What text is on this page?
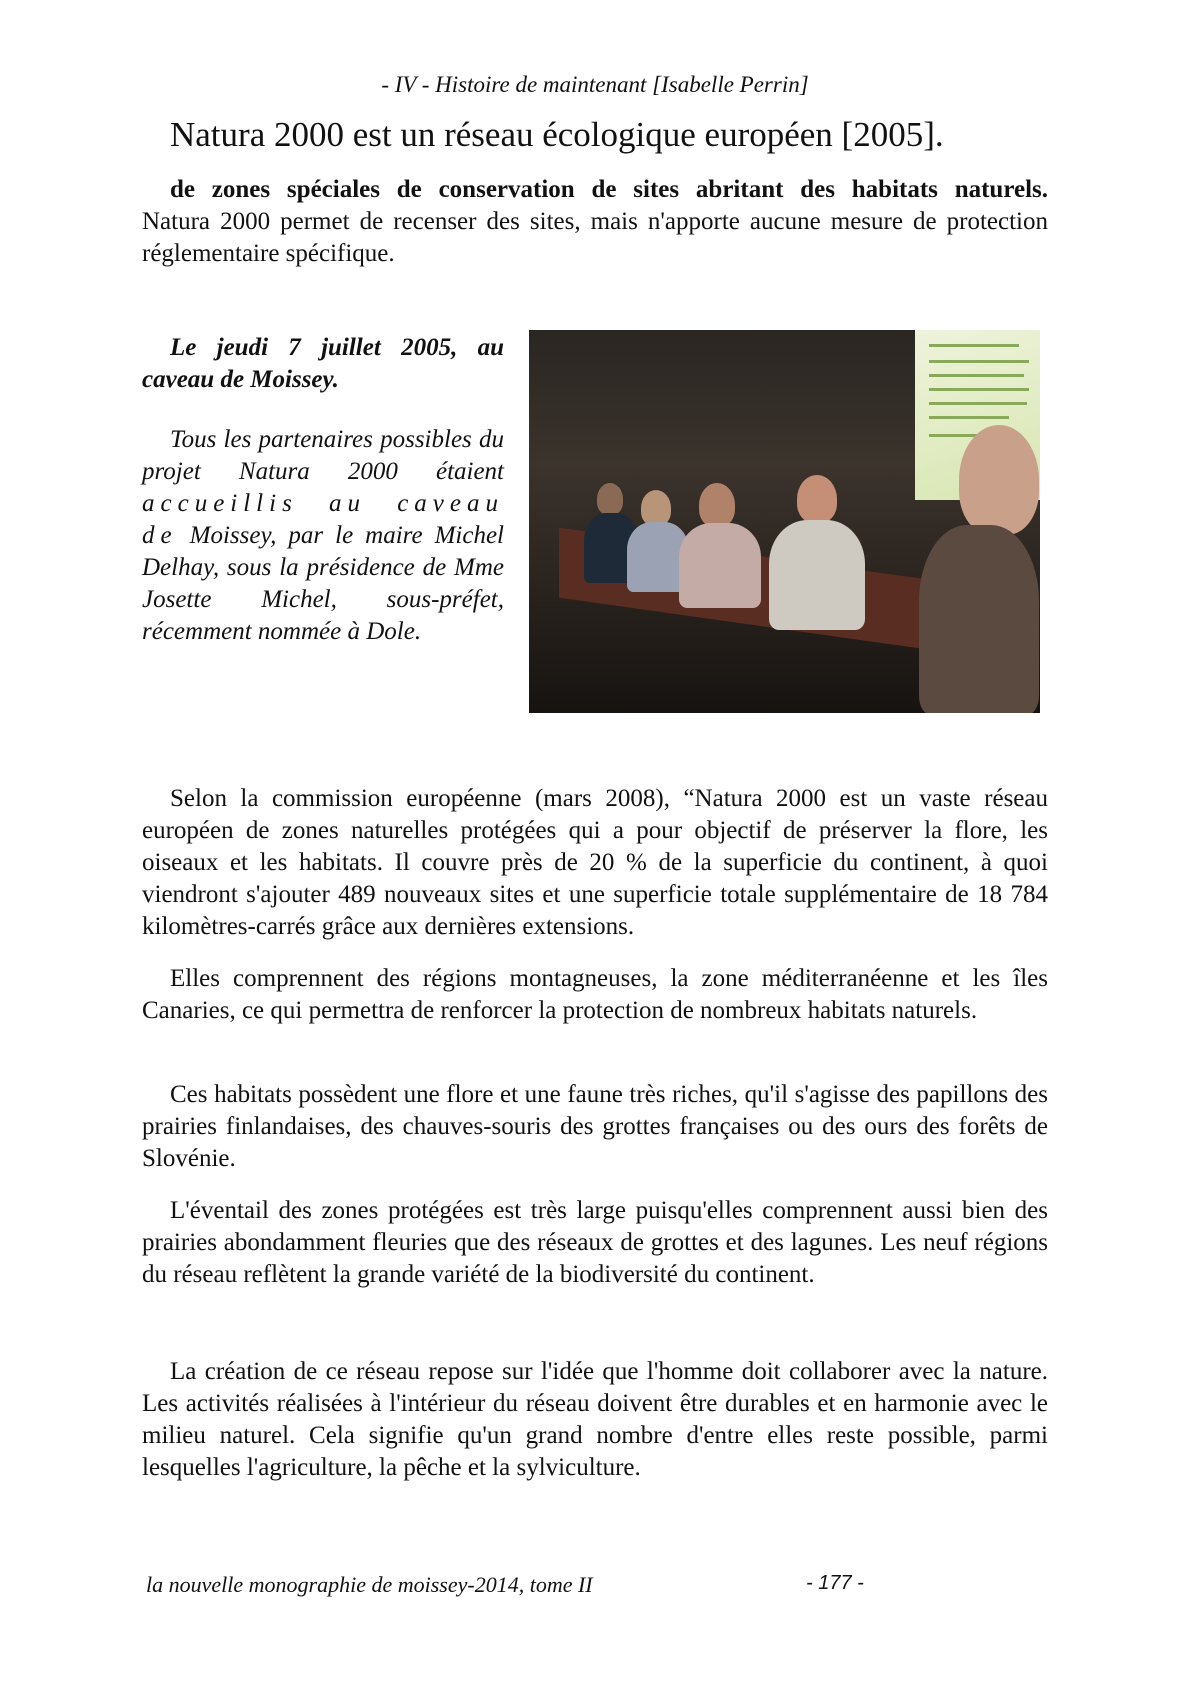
- IV - Histoire de maintenant [Isabelle Perrin]
Natura 2000 est un réseau écologique européen [2005].
de zones spéciales de conservation de sites abritant des habitats naturels.
Natura 2000 permet de recenser des sites, mais n'apporte aucune mesure de protection réglementaire spécifique.

Le jeudi 7 juillet 2005, au caveau de Moissey.

Tous les partenaires possibles du projet Natura 2000 étaient accueillis au caveau de Moissey, par le maire Michel Delhay, sous la présidence de Mme Josette Michel, sous-préfet, récemment nommée à Dole.

Selon la commission européenne (mars 2008), “Natura 2000 est un vaste réseau européen de zones naturelles protégées qui a pour objectif de préserver la flore, les oiseaux et les habitats. Il couvre près de 20 % de la superficie du continent, à quoi viendront s'ajouter 489 nouveaux sites et une superficie totale supplémentaire de 18 784 kilomètres-carrés grâce aux dernières extensions.

Elles comprennent des régions montagneuses, la zone méditerranéenne et les îles Canaries, ce qui permettra de renforcer la protection de nombreux habitats naturels.

Ces habitats possèdent une flore et une faune très riches, qu'il s'agisse des papillons des prairies finlandaises, des chauves-souris des grottes françaises ou des ours des forêts de Slovénie.

L'éventail des zones protégées est très large puisqu'elles comprennent aussi bien des prairies abondamment fleuries que des réseaux de grottes et des lagunes. Les neuf régions du réseau reflètent la grande variété de la biodiversité du continent.

La création de ce réseau repose sur l'idée que l'homme doit collaborer avec la nature. Les activités réalisées à l'intérieur du réseau doivent être durables et en harmonie avec le milieu naturel. Cela signifie qu'un grand nombre d'entre elles reste possible, parmi lesquelles l'agriculture, la pêche et la sylviculture.

la nouvelle monographie de moissey-2014, tome II	- 177 -
